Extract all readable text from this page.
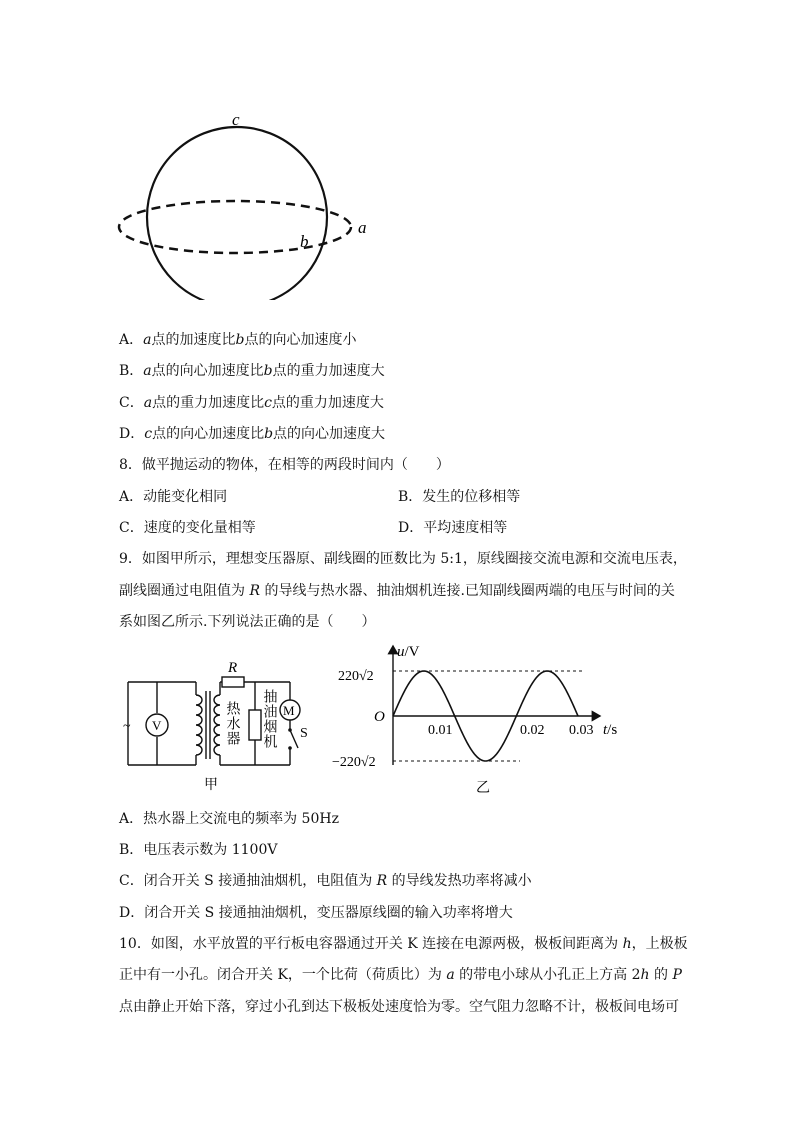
c
b
a
A．a点的加速度比b点的向心加速度小
B．a点的向心加速度比b点的重力加速度大
C．a点的重力加速度比c点的重力加速度大
D．c点的向心加速度比b点的向心加速度大
8．做平抛运动的物体，在相等的两段时间内（　　）
A．动能变化相同	B．发生的位移相等
C．速度的变化量相等	D．平均速度相等
9．如图甲所示，理想变压器原、副线圈的匝数比为 5:1，原线圈接交流电源和交流电压表，
副线圈通过电阻值为 R 的导线与热水器、抽油烟机连接.已知副线圈两端的电压与时间的关
系如图乙所示.下列说法正确的是（　　）
~ V
M
S
R
热水器 抽油烟机
甲
u/V
220√2
−220√2
O
0.01	0.02 0.03 t/s
乙
A．热水器上交流电的频率为 50Hz
B．电压表示数为 1100V
C．闭合开关 S 接通抽油烟机，电阻值为 R 的导线发热功率将减小
D．闭合开关 S 接通抽油烟机，变压器原线圈的输入功率将增大
10．如图，水平放置的平行板电容器通过开关 K 连接在电源两极，极板间距离为 h，上极板
正中有一小孔。闭合开关 K，一个比荷（荷质比）为 a 的带电小球从小孔正上方高 2h 的 P
点由静止开始下落，穿过小孔到达下极板处速度恰为零。空气阻力忽略不计，极板间电场可
